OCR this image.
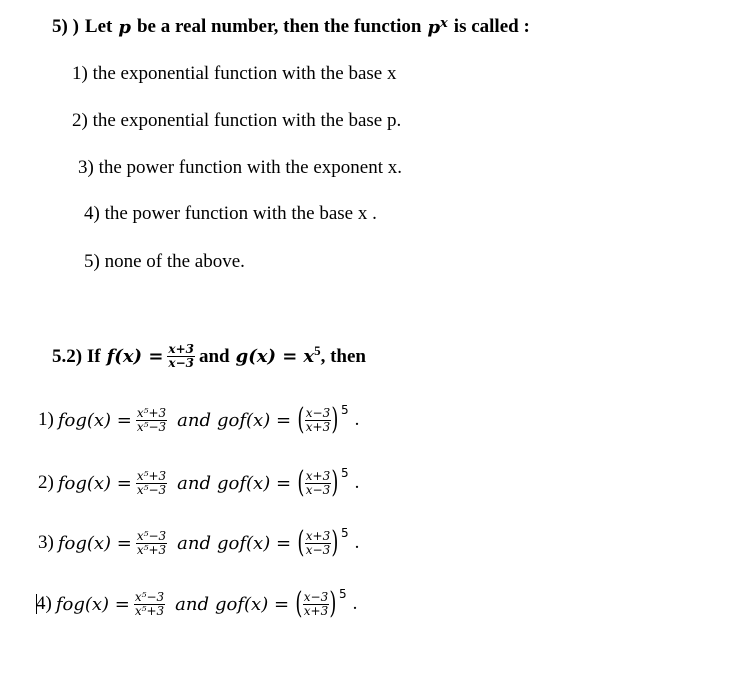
5) ) Let p be a real number, then the function p x is called :
1) the exponential function with the base x
2) the exponential function with the base p.
3) the power function with the exponent x.
4) the power function with the base x .
5) none of the above.
5.2) If $f(x) = \frac{x+3}{x-3}$ and g(x) = x 5 , then
1) $fog(x) = \frac{\text{x⁵+3}}{\text{x⁵−3}}$ and gof(x) = ( $\frac{x-3}{x+3}$ ) 5 .
2) $fog(x) = \frac{\text{x⁵+3}}{\text{x⁵−3}}$ and gof(x) = ( $\frac{x+3}{x-3}$ ) 5 .
3) $fog(x) = \frac{\text{x⁵−3}}{\text{x⁵+3}}$ and gof(x) = ( $\frac{x+3}{x-3}$ ) 5 .
4) $fog(x) = \frac{\text{x⁵−3}}{\text{x⁵+3}}$ and gof(x) = ( $\frac{x-3}{x+3}$ ) 5 .
